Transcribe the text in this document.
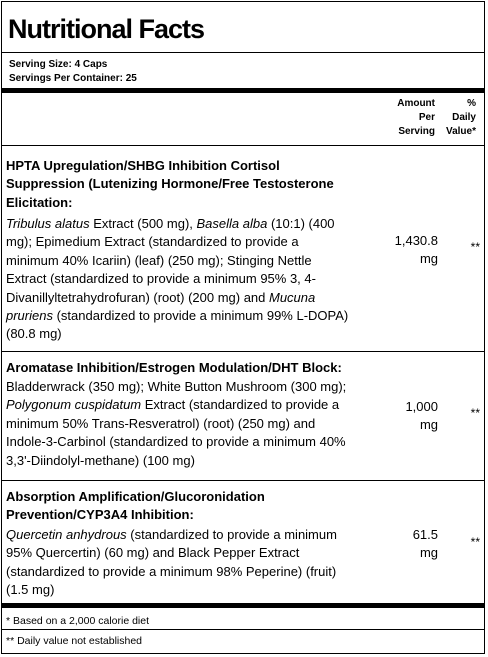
Nutritional Facts
Serving Size: 4 Caps
Servings Per Container: 25
Amount
Per
Serving
%
Daily
Value*
HPTA Upregulation/SHBG Inhibition Cortisol
Suppression (Lutenizing Hormone/Free Testosterone
Elicitation:
Tribulus alatus Extract (500 mg), Basella alba (10:1) (400
mg); Epimedium Extract (standardized to provide a
minimum 40% Icariin) (leaf) (250 mg); Stinging Nettle
Extract (standardized to provide a minimum 95% 3, 4-
Divanillyltetrahydrofuran) (root) (200 mg) and Mucuna
pruriens (standardized to provide a minimum 99% L-DOPA)
(80.8 mg)
1,430.8
mg
**
Aromatase Inhibition/Estrogen Modulation/DHT Block:
Bladderwrack (350 mg); White Button Mushroom (300 mg);
Polygonum cuspidatum Extract (standardized to provide a
minimum 50% Trans-Resveratrol) (root) (250 mg) and
Indole-3-Carbinol (standardized to provide a minimum 40%
3,3'-Diindolyl-methane) (100 mg)
1,000
mg
**
Absorption Amplification/Glucoronidation
Prevention/CYP3A4 Inhibition:
Quercetin anhydrous (standardized to provide a minimum
95% Quercertin) (60 mg) and Black Pepper Extract
(standardized to provide a minimum 98% Peperine) (fruit)
(1.5 mg)
61.5
mg
**
* Based on a 2,000 calorie diet
** Daily value not established
